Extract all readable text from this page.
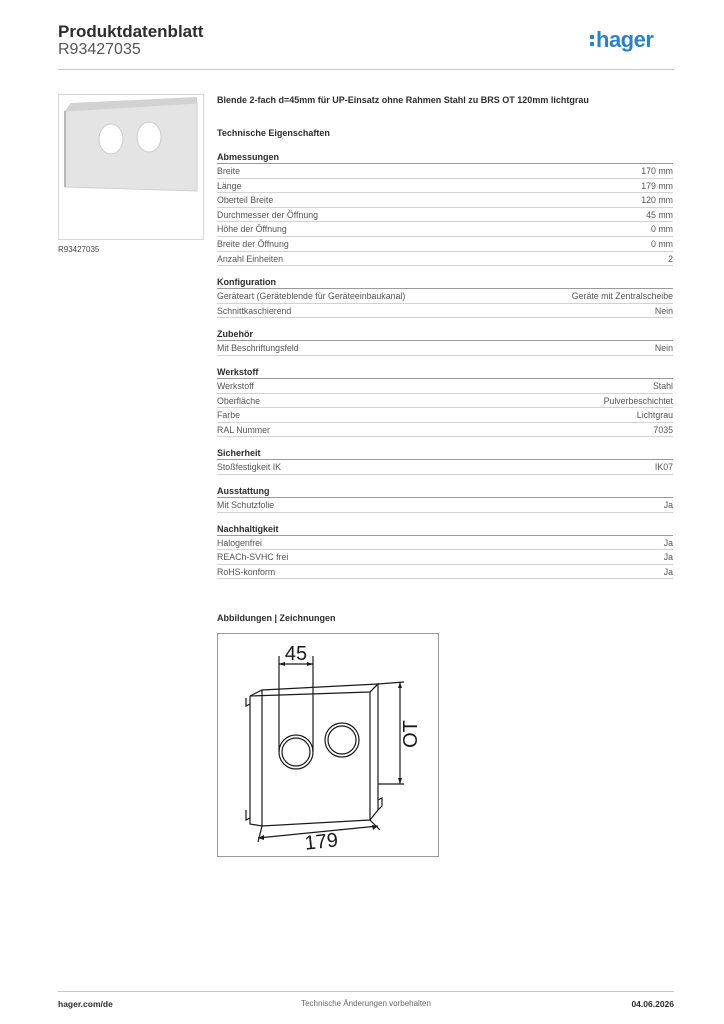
Produktdatenblatt
R93427035	hager
R93427035
Blende 2-fach d=45mm für UP-Einsatz ohne Rahmen Stahl zu BRS OT 120mm lichtgrau
Technische Eigenschaften
Abmessungen
Breite	170 mm
Länge	179 mm
Oberteil Breite	120 mm
Durchmesser der Öffnung	45 mm
Höhe der Öffnung	0 mm
Breite der Öffnung	0 mm
Anzahl Einheiten	2
Konfiguration
Geräteart (Geräteblende für Geräteeinbaukanal)	Geräte mit Zentralscheibe
Schnittkaschierend	Nein
Zubehör
Mit Beschriftungsfeld	Nein
Werkstoff
Werkstoff	Stahl
Oberfläche	Pulverbeschichtet
Farbe	Lichtgrau
RAL Nummer	7035
Sicherheit
Stoßfestigkeit IK	IK07
Ausstattung
Mit Schutzfolie	Ja
Nachhaltigkeit
Halogenfrei	Ja
REACh-SVHC frei	Ja
RoHS-konform	Ja
Abbildungen | Zeichnungen
45
OT
179
hager.com/de	Technische Änderungen vorbehalten	04.06.2026
